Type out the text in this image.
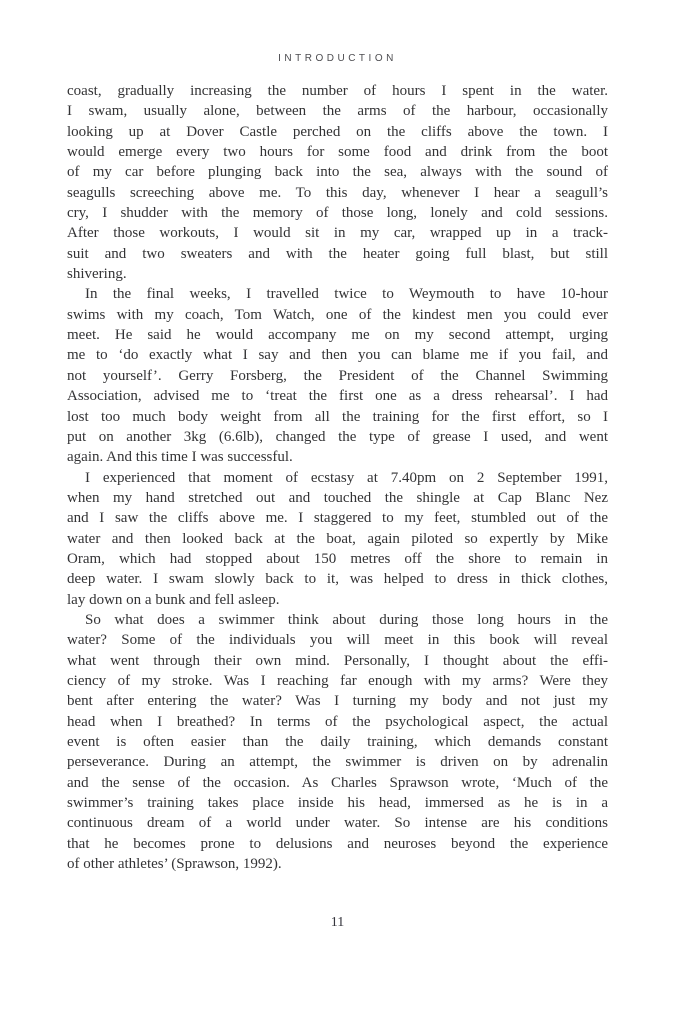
INTRODUCTION
coast, gradually increasing the number of hours I spent in the water.
I swam, usually alone, between the arms of the harbour, occasionally
looking up at Dover Castle perched on the cliffs above the town. I
would emerge every two hours for some food and drink from the boot
of my car before plunging back into the sea, always with the sound of
seagulls screeching above me. To this day, whenever I hear a seagull’s
cry, I shudder with the memory of those long, lonely and cold sessions.
After those workouts, I would sit in my car, wrapped up in a track-
suit and two sweaters and with the heater going full blast, but still
shivering.
In the final weeks, I travelled twice to Weymouth to have 10-hour
swims with my coach, Tom Watch, one of the kindest men you could ever
meet. He said he would accompany me on my second attempt, urging
me to ‘do exactly what I say and then you can blame me if you fail, and
not yourself’. Gerry Forsberg, the President of the Channel Swimming
Association, advised me to ‘treat the first one as a dress rehearsal’. I had
lost too much body weight from all the training for the first effort, so I
put on another 3kg (6.6lb), changed the type of grease I used, and went
again. And this time I was successful.
I experienced that moment of ecstasy at 7.40pm on 2 September 1991,
when my hand stretched out and touched the shingle at Cap Blanc Nez
and I saw the cliffs above me. I staggered to my feet, stumbled out of the
water and then looked back at the boat, again piloted so expertly by Mike
Oram, which had stopped about 150 metres off the shore to remain in
deep water. I swam slowly back to it, was helped to dress in thick clothes,
lay down on a bunk and fell asleep.
So what does a swimmer think about during those long hours in the
water? Some of the individuals you will meet in this book will reveal
what went through their own mind. Personally, I thought about the effi-
ciency of my stroke. Was I reaching far enough with my arms? Were they
bent after entering the water? Was I turning my body and not just my
head when I breathed? In terms of the psychological aspect, the actual
event is often easier than the daily training, which demands constant
perseverance. During an attempt, the swimmer is driven on by adrenalin
and the sense of the occasion. As Charles Sprawson wrote, ‘Much of the
swimmer’s training takes place inside his head, immersed as he is in a
continuous dream of a world under water. So intense are his conditions
that he becomes prone to delusions and neuroses beyond the experience
of other athletes’ (Sprawson, 1992).
11
